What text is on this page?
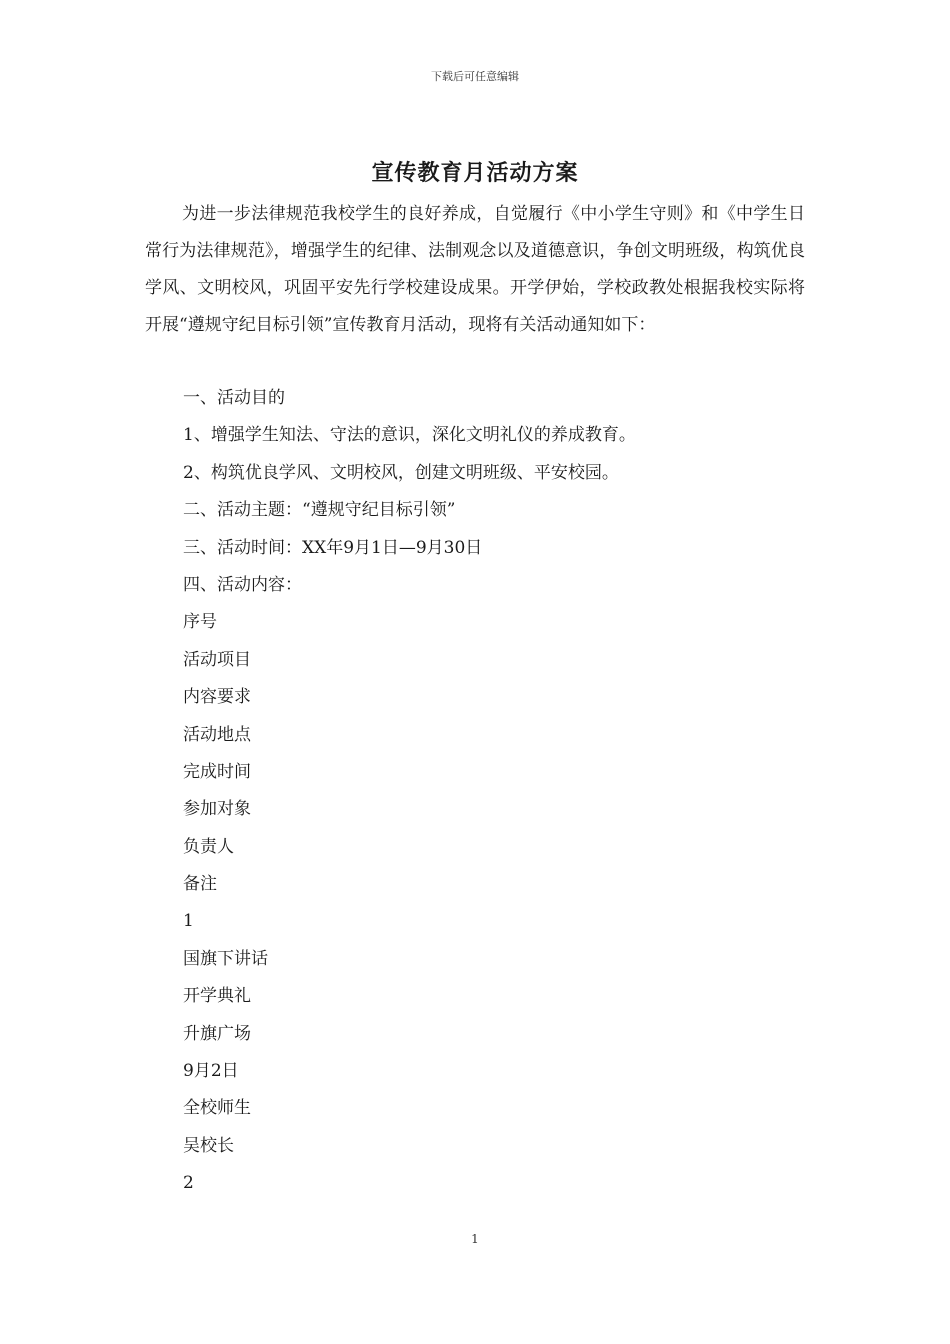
下载后可任意编辑
宣传教育月活动方案

为进一步法律规范我校学生的良好养成，自觉履行《中小学生守则》和《中学生日常行为法律规范》，增强学生的纪律、法制观念以及道德意识，争创文明班级，构筑优良学风、文明校风，巩固平安先行学校建设成果。开学伊始，学校政教处根据我校实际将开展“遵规守纪目标引领”宣传教育月活动，现将有关活动通知如下：

一、活动目的
1、增强学生知法、守法的意识，深化文明礼仪的养成教育。
2、构筑优良学风、文明校风，创建文明班级、平安校园。
二、活动主题：“遵规守纪目标引领”
三、活动时间：XX年9月1日—9月30日
四、活动内容：
序号
活动项目
内容要求
活动地点
完成时间
参加对象
负责人
备注
1
国旗下讲话
开学典礼
升旗广场
9月2日
全校师生
吴校长
2
1
